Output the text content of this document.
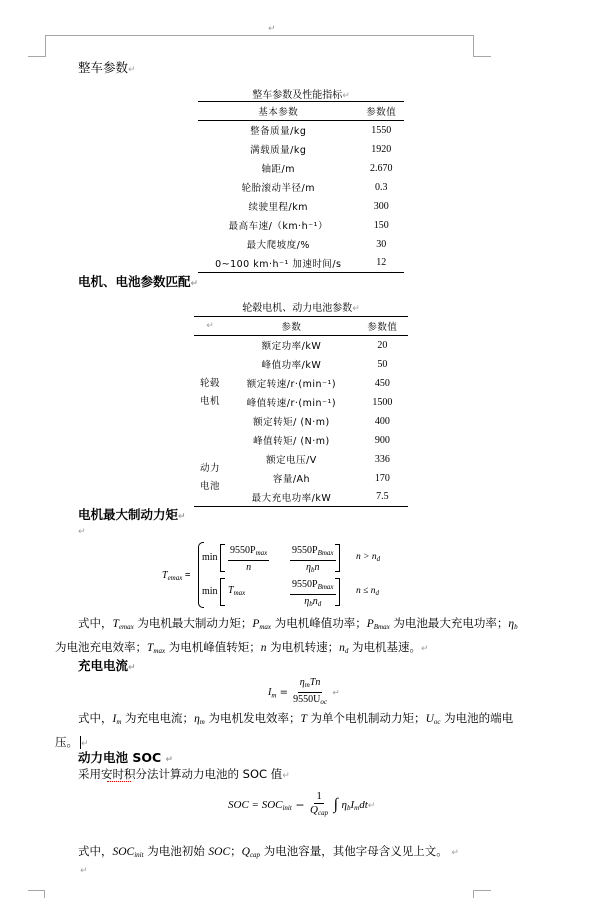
↵
整车参数↵
整车参数及性能指标↵
基本参数	参数值
整备质量/kg	1550
满载质量/kg	1920
轴距/m	2.670
轮胎滚动半径/m	0.3
续驶里程/km	300
最高车速/（km·h⁻¹）	150
最大爬坡度/%	30
0~100 km·h⁻¹ 加速时间/s	12
电机、电池参数匹配↵
轮毂电机、动力电池参数↵
↵	参数	参数值

轮毂
电机	额定功率/kW	20
	峰值功率/kW	50
	额定转速/r·(min⁻¹)	450
	峰值转速/r·(min⁻¹)	1500
	额定转矩/ (N·m)	400
	峰值转矩/ (N·m)	900

动力
电池	额定电压/V	336
	容量/Ah	170
	最大充电功率/kW	7.5
电机最大制动力矩↵
↵
$T_{emax}$ =
$\min \frac{9550P_{max}}{n} \frac{9550P_{Bmax}}{\eta_bn}$ $n > n_d$
$\min T_{max}$	$\frac{9550P_{Bmax}}{\eta_bn_d}$ $n \le n_d$
式中，$T_{emax}$ 为电机最大制动力矩；$P_{max}$ 为电机峰值功率；$P_{Bmax}$ 为电池最大充电功率；$\eta_b$
为电池充电效率；$T_{max}$ 为电机峰值转矩；n 为电机转速；$n_d$ 为电机基速。↵
充电电流↵
$I_m = \frac{\eta_mTn}{9550U_{oc}}$ ↵
式中，$I_m$ 为充电电流；$\eta_m$ 为电机发电效率；T 为单个电机制动力矩；$U_{oc}$ 为电池的端电
压。 ↵
动力电池 SOC ↵
采用安时积分法计算动力电池的 SOC 值↵
SOC = $SOC_{init} - \frac{1}{Q_{cap}}$ ∫ $\eta_bI_mdt↵$
式中，$SOC_{init}$ 为电池初始 SOC；$Q_{cap}$ 为电池容量，其他字母含义见上文。 ↵
↵
